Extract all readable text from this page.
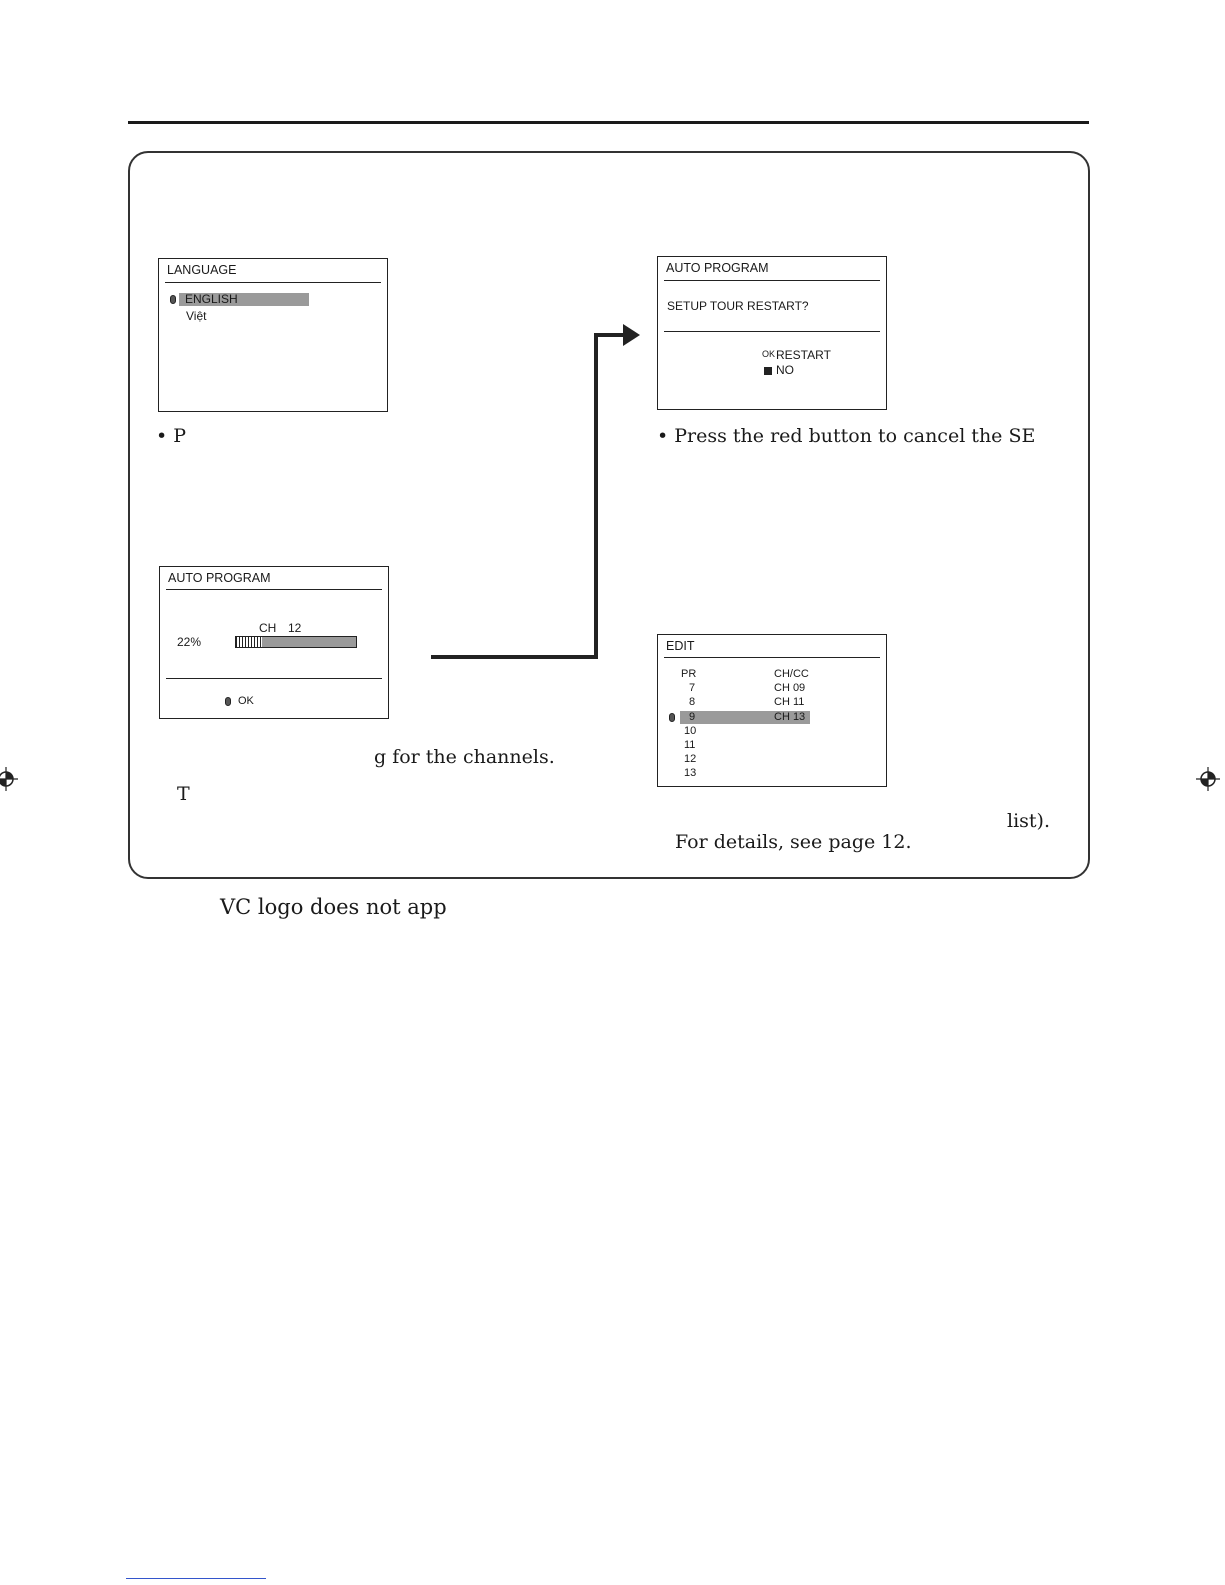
LANGUAGE
ENGLISH
Việt
• P
AUTO PROGRAM
CH 12
22%
OK
g for the channels.
T
AUTO PROGRAM
SETUP TOUR RESTART?
OK RESTART
NO
• Press the red button to cancel the SE
EDIT
PR	CH/CC
7	CH 09
8	CH 11
9	CH 13
10
11
12
13
list).
For details, see page 12.
VC logo does not app
